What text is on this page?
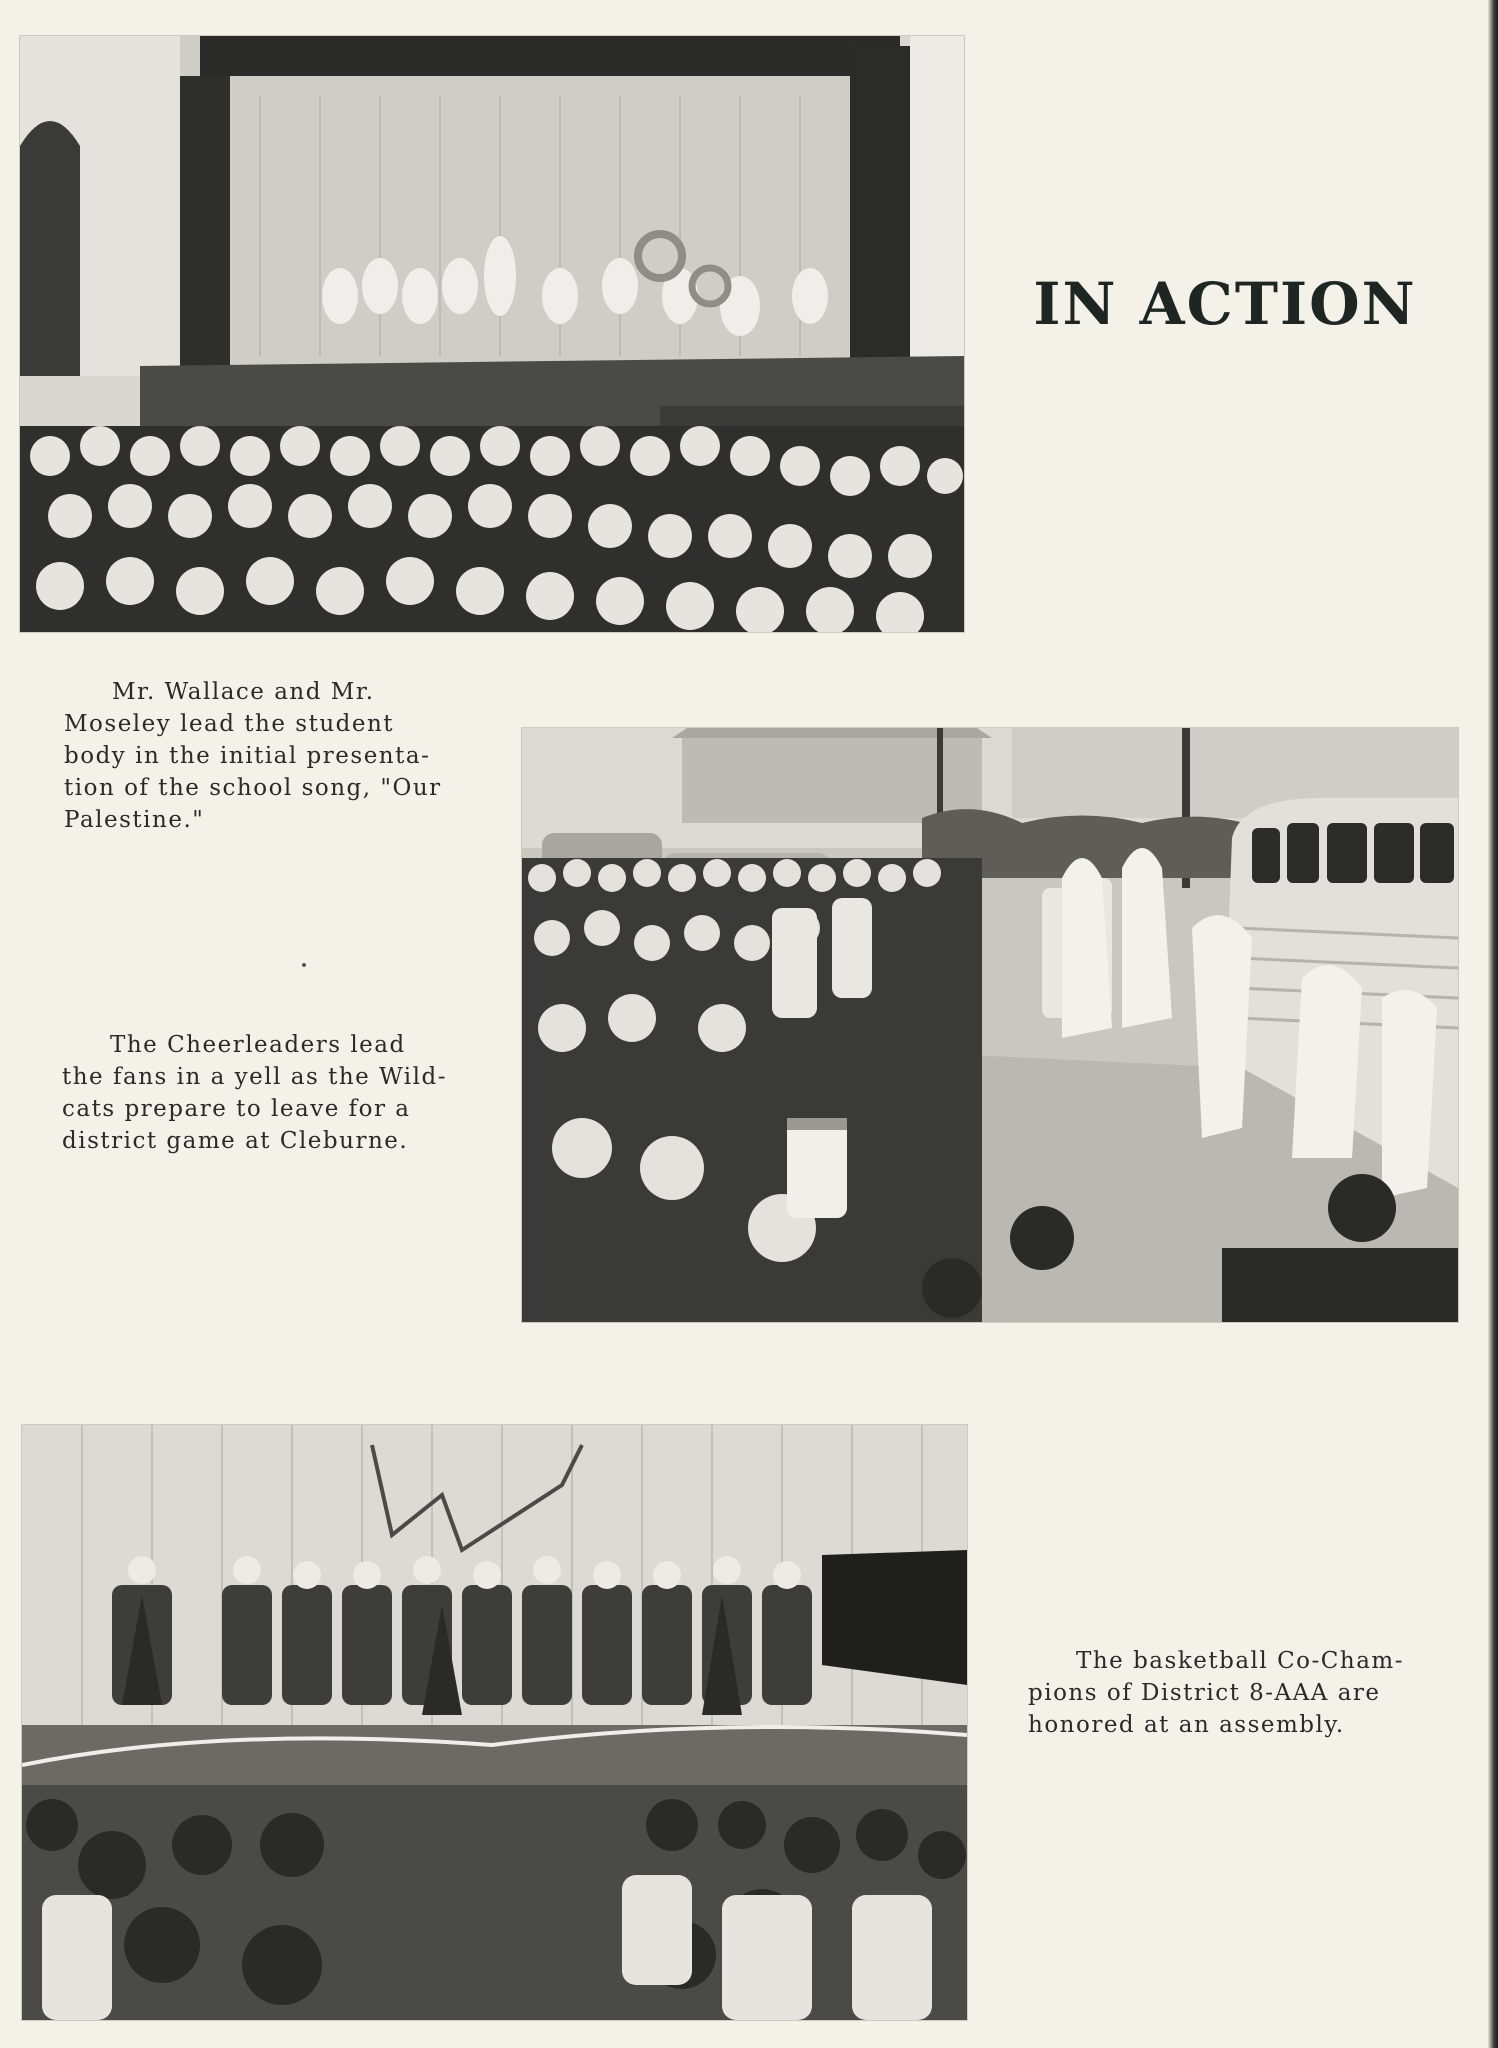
IN ACTION
Mr. Wallace and Mr.
Moseley lead the student
body in the initial presenta-
tion of the school song, "Our
Palestine."
The Cheerleaders lead
the fans in a yell as the Wild-
cats prepare to leave for a
district game at Cleburne.
The basketball Co-Cham-
pions of District 8-AAA are
honored at an assembly.
